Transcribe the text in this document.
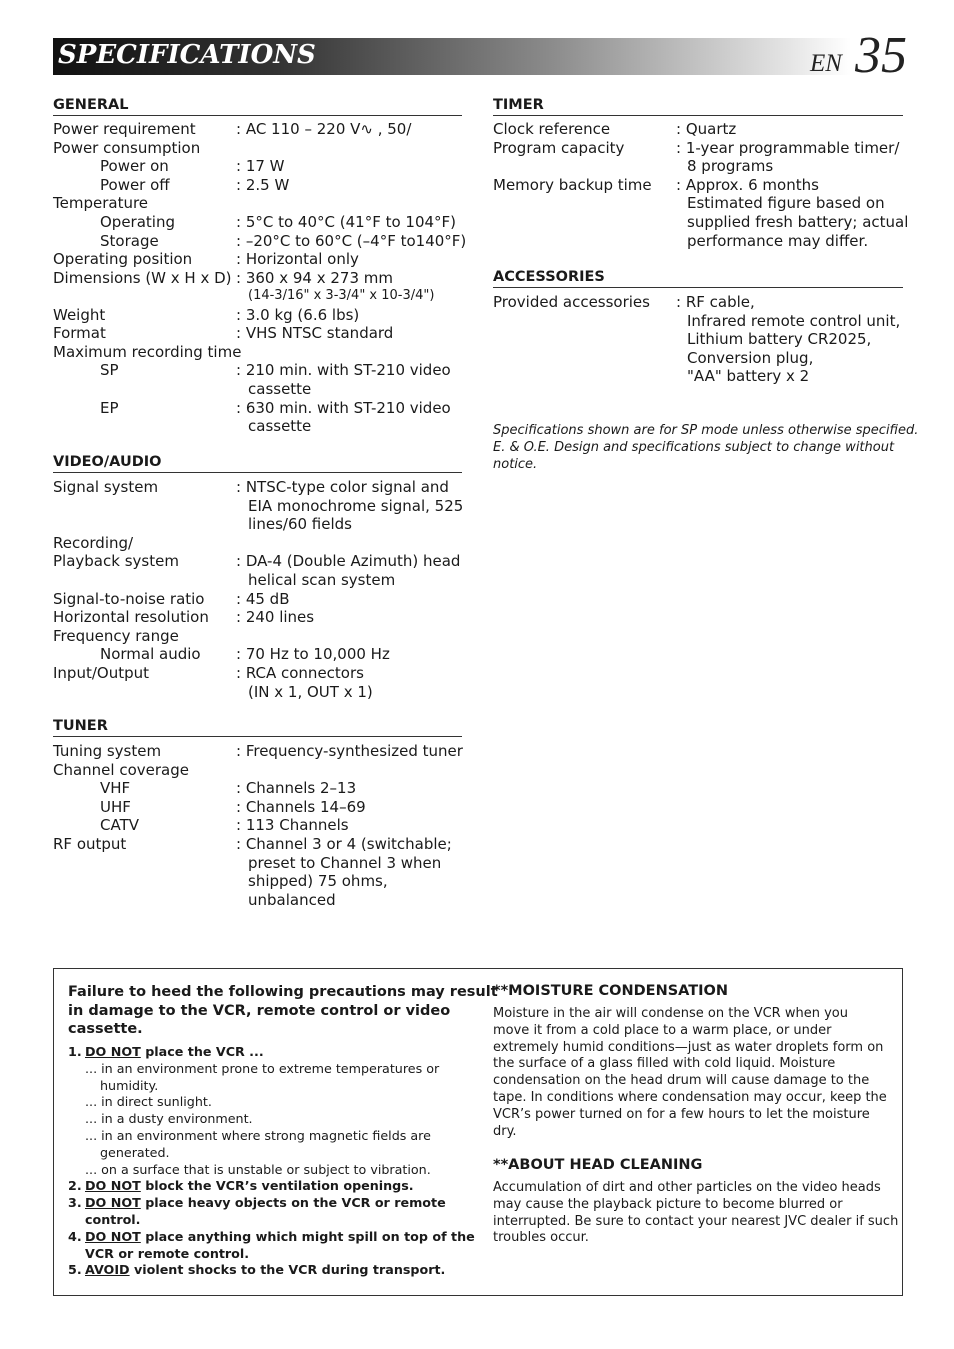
SPECIFICATIONS	EN 35
GENERAL
Power requirement	: AC 110 – 220 V∿ , 50/
Power consumption
Power on	: 17 W
Power off	: 2.5 W
Temperature
Operating	: 5°C to 40°C (41°F to 104°F)
Storage	: –20°C to 60°C (–4°F to140°F)
Operating position	: Horizontal only
Dimensions (W x H x D) : 360 x 94 x 273 mm
(14-3/16" x 3-3/4" x 10-3/4")
Weight	: 3.0 kg (6.6 lbs)
Format	: VHS NTSC standard
Maximum recording time
SP	: 210 min. with ST-210 video
cassette
EP	: 630 min. with ST-210 video
cassette
VIDEO/AUDIO
Signal system	: NTSC-type color signal and
EIA monochrome signal, 525
lines/60 fields
Recording/
Playback system	: DA-4 (Double Azimuth) head
helical scan system
Signal-to-noise ratio : 45 dB
Horizontal resolution : 240 lines
Frequency range
Normal audio : 70 Hz to 10,000 Hz
Input/Output	: RCA connectors
(IN x 1, OUT x 1)
TUNER
Tuning system	: Frequency-synthesized tuner
Channel coverage
VHF	: Channels 2–13
UHF	: Channels 14–69
CATV	: 113 Channels
RF output	: Channel 3 or 4 (switchable;
preset to Channel 3 when
shipped) 75 ohms,
unbalanced
TIMER
Clock reference	: Quartz
Program capacity	: 1-year programmable timer/
8 programs
Memory backup time : Approx. 6 months
Estimated figure based on
supplied fresh battery; actual
performance may differ.
ACCESSORIES
Provided accessories : RF cable,
Infrared remote control unit,
Lithium battery CR2025,
Conversion plug,
"AA" battery x 2
Specifications shown are for SP mode unless otherwise specified.
E. & O.E. Design and specifications subject to change without
notice.
Failure to heed the following precautions may result
in damage to the VCR, remote control or video
cassette.
1. DO NOT place the VCR ...
... in an environment prone to extreme temperatures or
humidity.
... in direct sunlight.
... in a dusty environment.
... in an environment where strong magnetic fields are
generated.
... on a surface that is unstable or subject to vibration.
2. DO NOT block the VCR’s ventilation openings.
3. DO NOT place heavy objects on the VCR or remote
control.
4. DO NOT place anything which might spill on top of the
VCR or remote control.
5. AVOID violent shocks to the VCR during transport.
**MOISTURE CONDENSATION
Moisture in the air will condense on the VCR when you
move it from a cold place to a warm place, or under
extremely humid conditions—just as water droplets form on
the surface of a glass filled with cold liquid. Moisture
condensation on the head drum will cause damage to the
tape. In conditions where condensation may occur, keep the
VCR’s power turned on for a few hours to let the moisture
dry.
**ABOUT HEAD CLEANING
Accumulation of dirt and other particles on the video heads
may cause the playback picture to become blurred or
interrupted. Be sure to contact your nearest JVC dealer if such
troubles occur.
